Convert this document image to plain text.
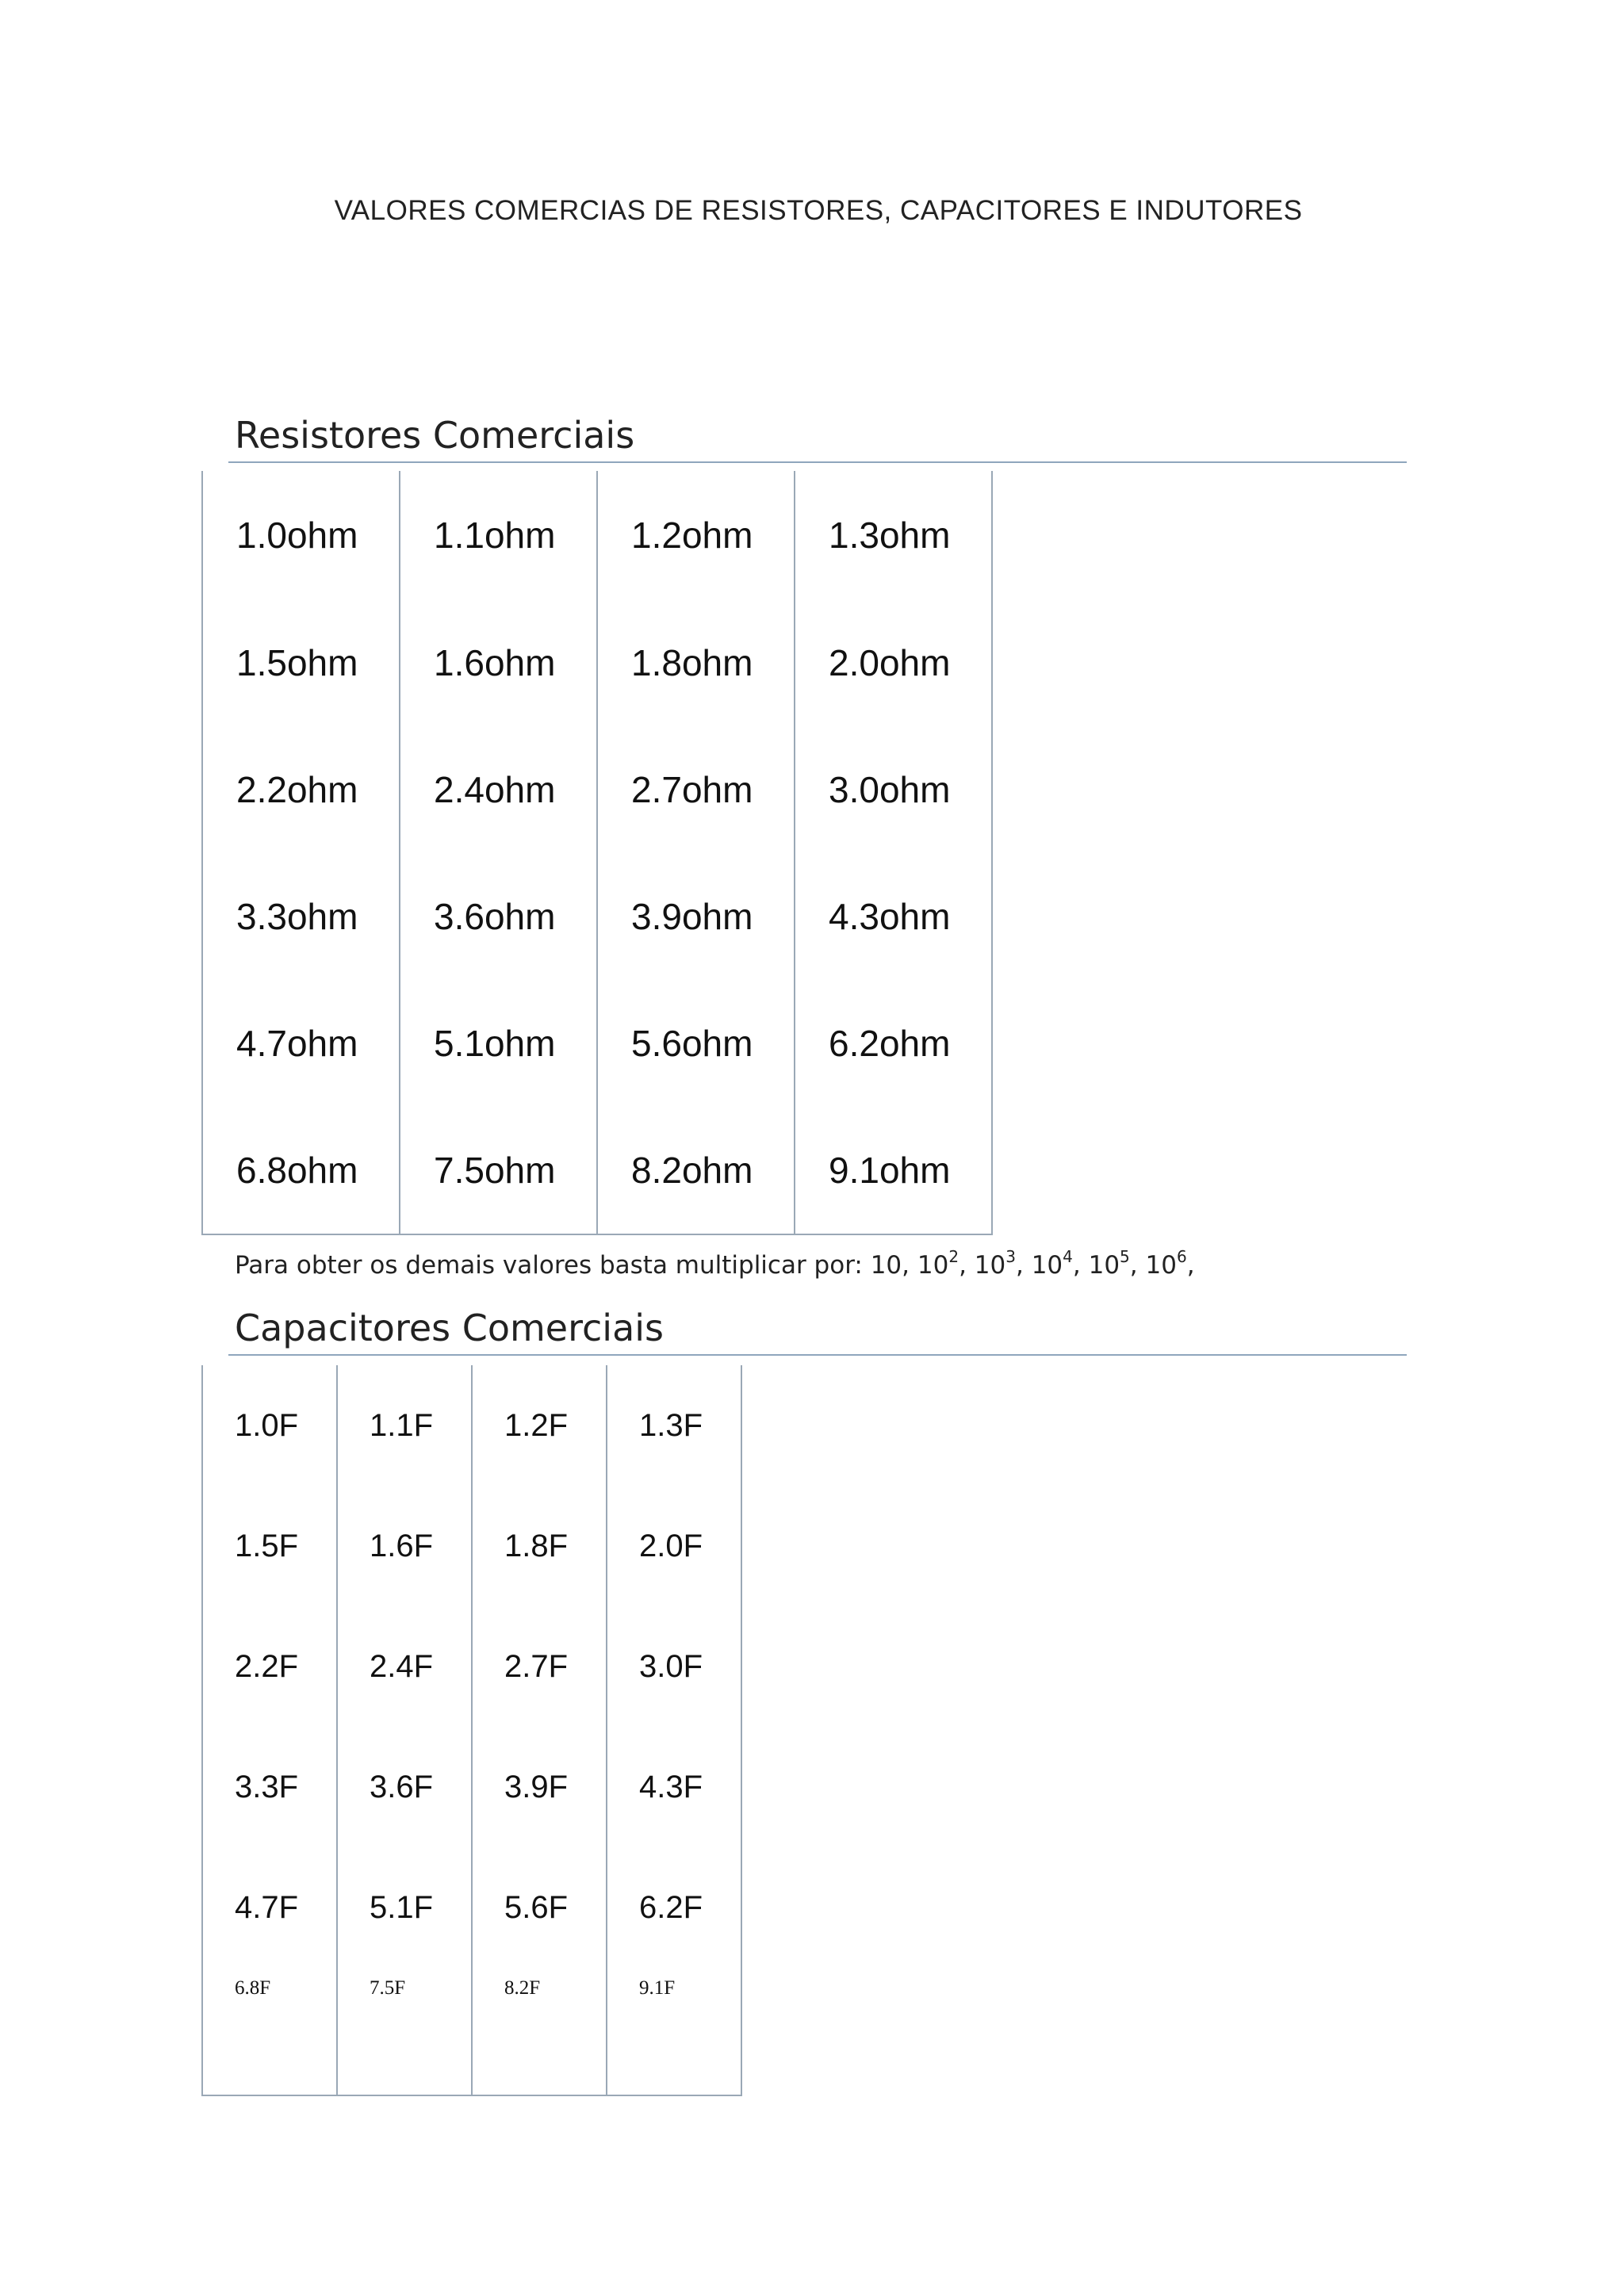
VALORES COMERCIAS DE RESISTORES, CAPACITORES E INDUTORES
Resistores Comerciais
1.0ohm	1.1ohm	1.2ohm	1.3ohm
1.5ohm	1.6ohm	1.8ohm	2.0ohm
2.2ohm	2.4ohm	2.7ohm	3.0ohm
3.3ohm	3.6ohm	3.9ohm	4.3ohm
4.7ohm	5.1ohm	5.6ohm	6.2ohm
6.8ohm	7.5ohm	8.2ohm	9.1ohm
Para obter os demais valores basta multiplicar por: 10, $10^2$, $10^3$, $10^4$, $10^5$, $10^6$,
Capacitores Comerciais
1.0F	1.1F	1.2F	1.3F
1.5F	1.6F	1.8F	2.0F
2.2F	2.4F	2.7F	3.0F
3.3F	3.6F	3.9F	4.3F
4.7F	5.1F	5.6F	6.2F
6.8F	7.5F	8.2F	9.1F
